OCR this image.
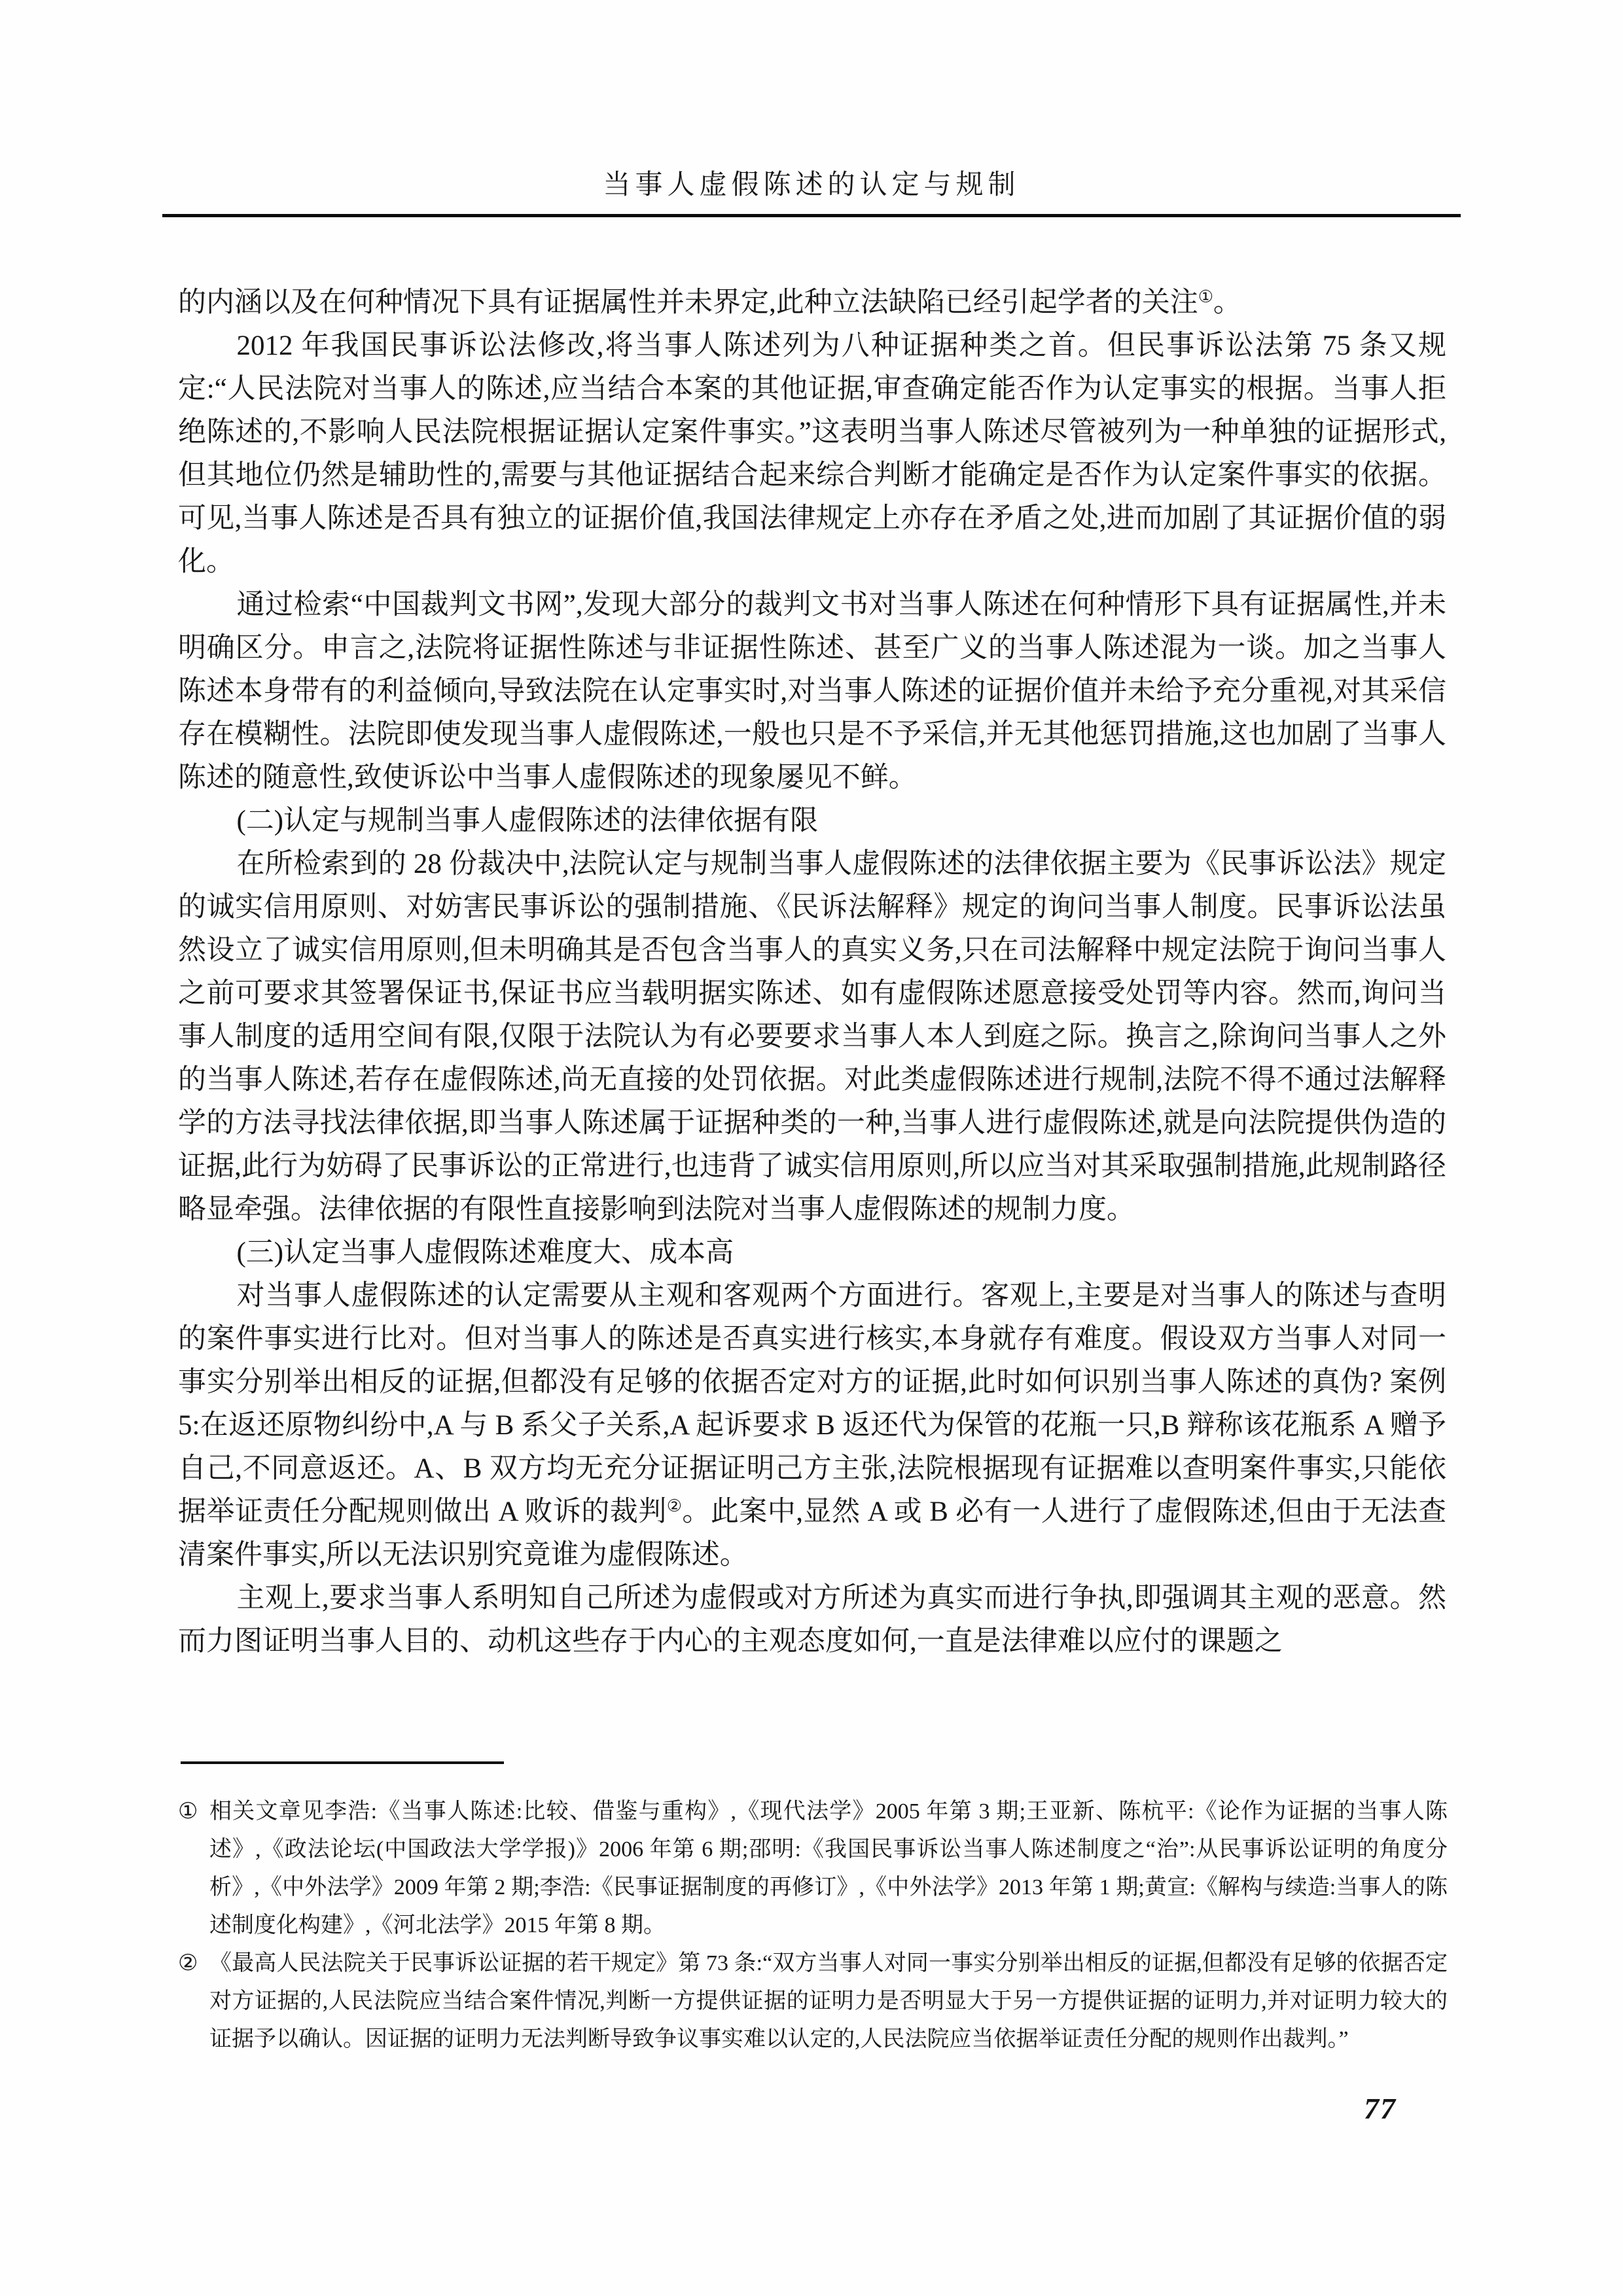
当事人虚假陈述的认定与规制

的内涵以及在何种情况下具有证据属性并未界定,此种立法缺陷已经引起学者的关注①。

2012 年我国民事诉讼法修改,将当事人陈述列为八种证据种类之首。但民事诉讼法第 75 条又规定:“人民法院对当事人的陈述,应当结合本案的其他证据,审查确定能否作为认定事实的根据。当事人拒绝陈述的,不影响人民法院根据证据认定案件事实。”这表明当事人陈述尽管被列为一种单独的证据形式,但其地位仍然是辅助性的,需要与其他证据结合起来综合判断才能确定是否作为认定案件事实的依据。可见,当事人陈述是否具有独立的证据价值,我国法律规定上亦存在矛盾之处,进而加剧了其证据价值的弱化。

通过检索“中国裁判文书网”,发现大部分的裁判文书对当事人陈述在何种情形下具有证据属性,并未明确区分。申言之,法院将证据性陈述与非证据性陈述、甚至广义的当事人陈述混为一谈。加之当事人陈述本身带有的利益倾向,导致法院在认定事实时,对当事人陈述的证据价值并未给予充分重视,对其采信存在模糊性。法院即使发现当事人虚假陈述,一般也只是不予采信,并无其他惩罚措施,这也加剧了当事人陈述的随意性,致使诉讼中当事人虚假陈述的现象屡见不鲜。

(二)认定与规制当事人虚假陈述的法律依据有限

在所检索到的 28 份裁决中,法院认定与规制当事人虚假陈述的法律依据主要为《民事诉讼法》规定的诚实信用原则、对妨害民事诉讼的强制措施、《民诉法解释》规定的询问当事人制度。民事诉讼法虽然设立了诚实信用原则,但未明确其是否包含当事人的真实义务,只在司法解释中规定法院于询问当事人之前可要求其签署保证书,保证书应当载明据实陈述、如有虚假陈述愿意接受处罚等内容。然而,询问当事人制度的适用空间有限,仅限于法院认为有必要要求当事人本人到庭之际。换言之,除询问当事人之外的当事人陈述,若存在虚假陈述,尚无直接的处罚依据。对此类虚假陈述进行规制,法院不得不通过法解释学的方法寻找法律依据,即当事人陈述属于证据种类的一种,当事人进行虚假陈述,就是向法院提供伪造的证据,此行为妨碍了民事诉讼的正常进行,也违背了诚实信用原则,所以应当对其采取强制措施,此规制路径略显牵强。法律依据的有限性直接影响到法院对当事人虚假陈述的规制力度。

(三)认定当事人虚假陈述难度大、成本高

对当事人虚假陈述的认定需要从主观和客观两个方面进行。客观上,主要是对当事人的陈述与查明的案件事实进行比对。但对当事人的陈述是否真实进行核实,本身就存有难度。假设双方当事人对同一事实分别举出相反的证据,但都没有足够的依据否定对方的证据,此时如何识别当事人陈述的真伪? 案例 5:在返还原物纠纷中,A 与 B 系父子关系,A 起诉要求 B 返还代为保管的花瓶一只,B 辩称该花瓶系 A 赠予自己,不同意返还。A、B 双方均无充分证据证明己方主张,法院根据现有证据难以查明案件事实,只能依据举证责任分配规则做出 A 败诉的裁判②。此案中,显然 A 或 B 必有一人进行了虚假陈述,但由于无法查清案件事实,所以无法识别究竟谁为虚假陈述。

主观上,要求当事人系明知自己所述为虚假或对方所述为真实而进行争执,即强调其主观的恶意。然而力图证明当事人目的、动机这些存于内心的主观态度如何,一直是法律难以应付的课题之

① 相关文章见李浩:《当事人陈述:比较、借鉴与重构》,《现代法学》2005 年第 3 期;王亚新、陈杭平:《论作为证据的当事人陈述》,《政法论坛(中国政法大学学报)》2006 年第 6 期;邵明:《我国民事诉讼当事人陈述制度之“治”:从民事诉讼证明的角度分析》,《中外法学》2009 年第 2 期;李浩:《民事证据制度的再修订》,《中外法学》2013 年第 1 期;黄宣:《解构与续造:当事人的陈述制度化构建》,《河北法学》2015 年第 8 期。
② 《最高人民法院关于民事诉讼证据的若干规定》第 73 条:“双方当事人对同一事实分别举出相反的证据,但都没有足够的依据否定对方证据的,人民法院应当结合案件情况,判断一方提供证据的证明力是否明显大于另一方提供证据的证明力,并对证明力较大的证据予以确认。因证据的证明力无法判断导致争议事实难以认定的,人民法院应当依据举证责任分配的规则作出裁判。”
77
